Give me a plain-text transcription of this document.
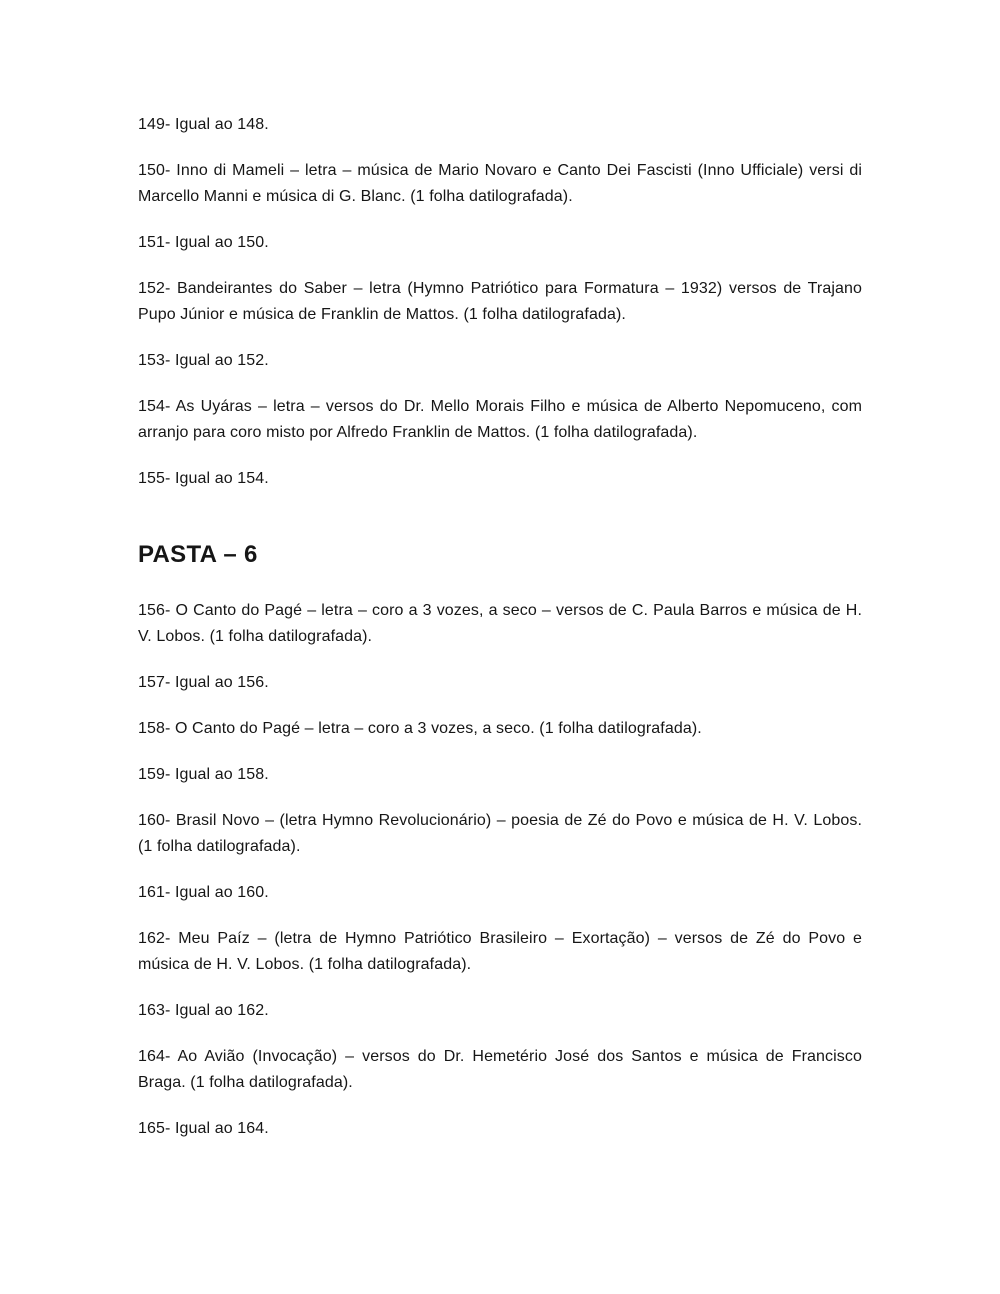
149- Igual ao 148.

150- Inno di Mameli – letra – música de Mario Novaro e Canto Dei Fascisti (Inno Ufficiale) versi di Marcello Manni e música di G. Blanc. (1 folha datilografada).

151- Igual ao 150.

152- Bandeirantes do Saber – letra (Hymno Patriótico para Formatura – 1932) versos de Trajano Pupo Júnior e música de Franklin de Mattos. (1 folha datilografada).

153- Igual ao 152.

154- As Uyáras – letra – versos do Dr. Mello Morais Filho e música de Alberto Nepomuceno, com arranjo para coro misto por Alfredo Franklin de Mattos. (1 folha datilografada).

155- Igual ao 154.

PASTA – 6

156- O Canto do Pagé – letra – coro a 3 vozes, a seco – versos de C. Paula Barros e música de H. V. Lobos. (1 folha datilografada).

157- Igual ao 156.

158- O Canto do Pagé – letra – coro a 3 vozes, a seco. (1 folha datilografada).

159- Igual ao 158.

160- Brasil Novo – (letra Hymno Revolucionário) – poesia de Zé do Povo e música de H. V. Lobos. (1 folha datilografada).

161- Igual ao 160.

162- Meu Paíz – (letra de Hymno Patriótico Brasileiro – Exortação) – versos de Zé do Povo e música de H. V. Lobos. (1 folha datilografada).

163- Igual ao 162.

164- Ao Avião (Invocação) – versos do Dr. Hemetério José dos Santos e música de Francisco Braga. (1 folha datilografada).

165- Igual ao 164.
